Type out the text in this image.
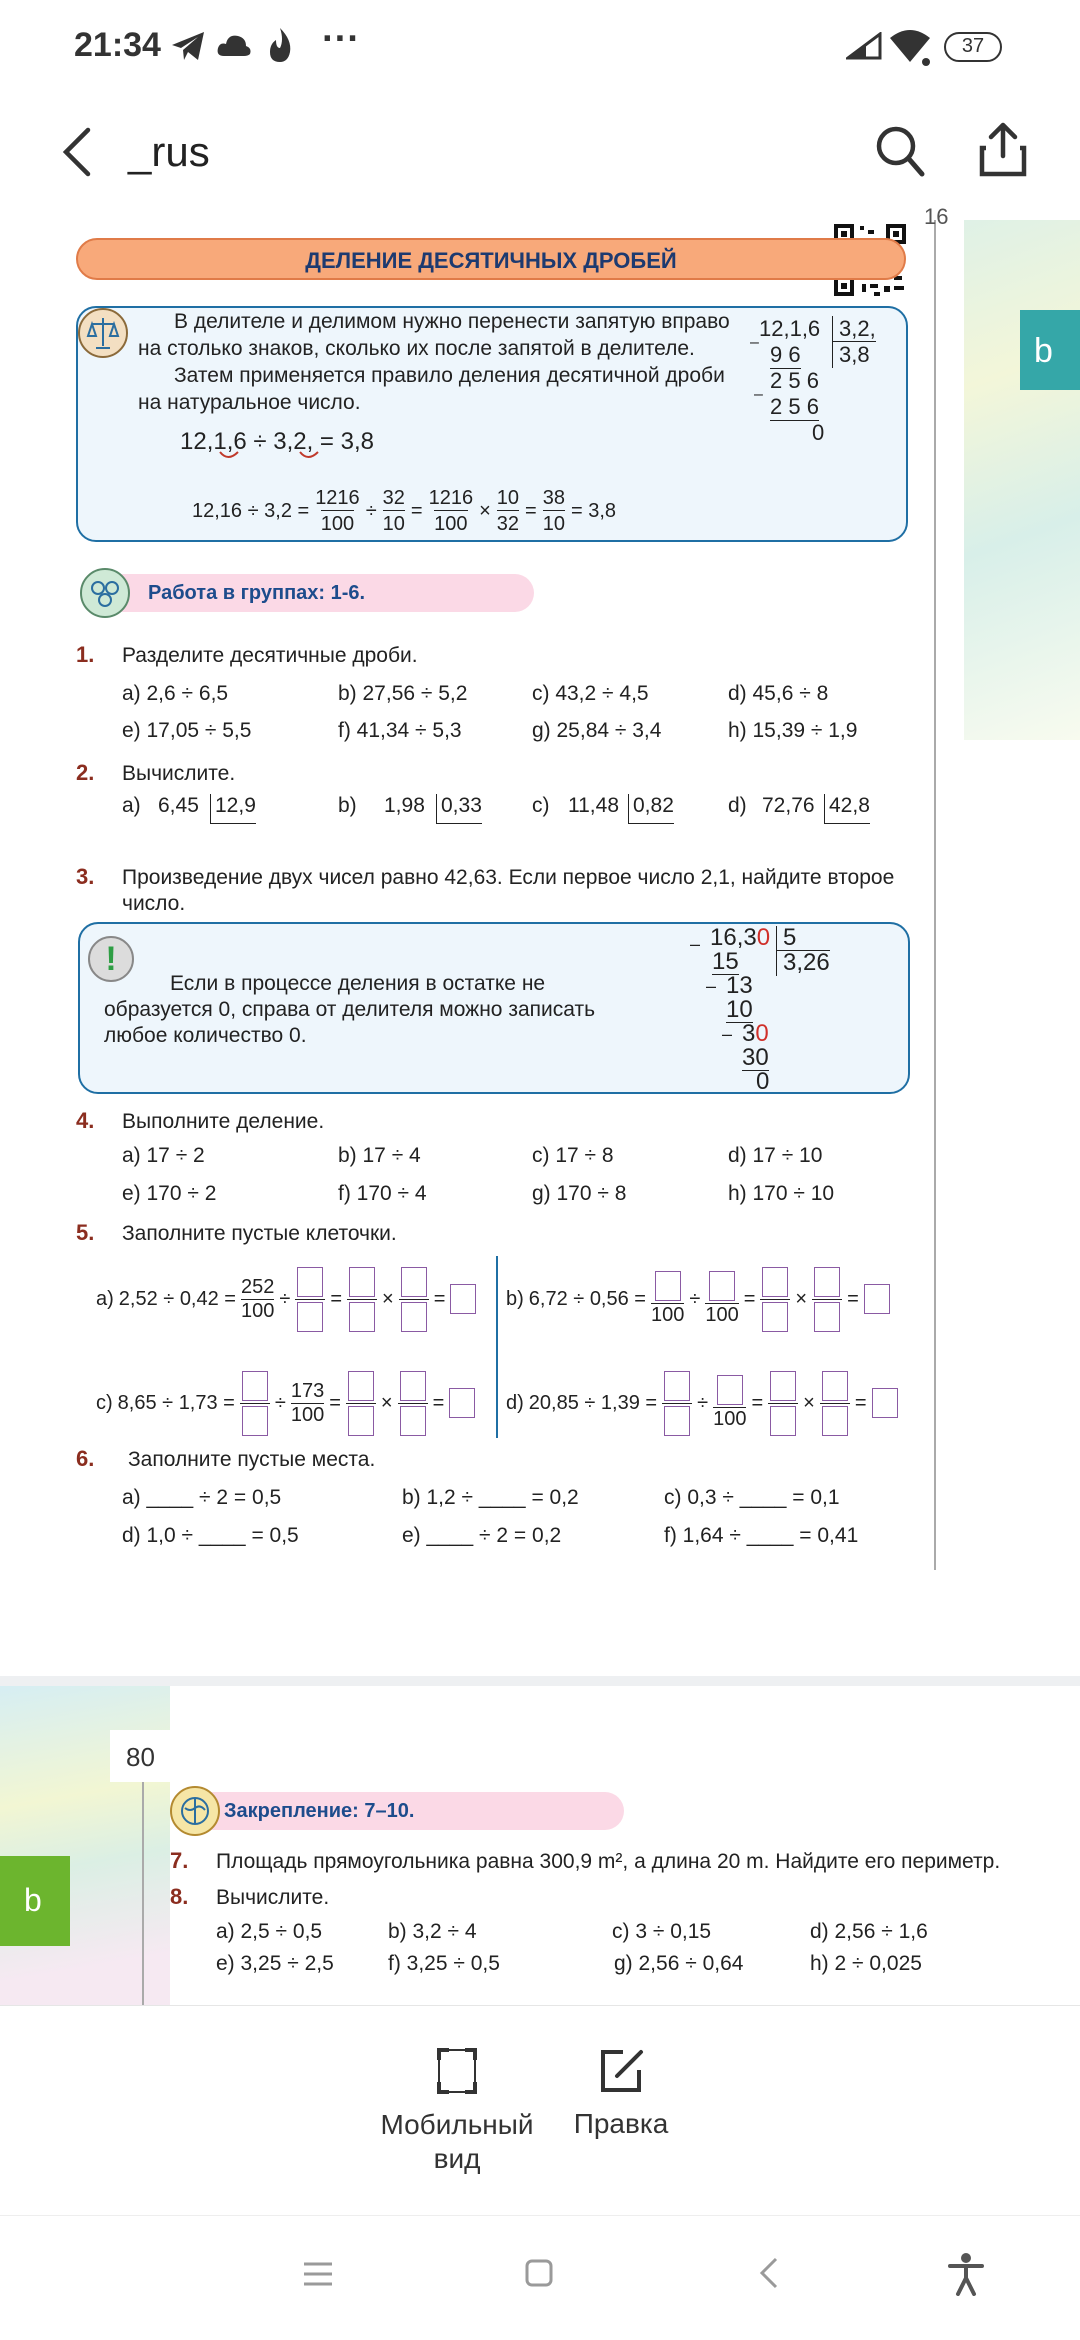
21:34	···	37
_rus
b
16
ДЕЛЕНИЕ ДЕСЯТИЧНЫХ ДРОБЕЙ
В делителе и делимом нужно перенести запятую вправо
на столько знаков, сколько их после запятой в делителе.
Затем применяется правило деления десятичной дроби
на натуральное число.
12,1,6 ÷ 3,2, = 3,8
$12,16 \div 3,2 = \frac{1216}{100} \div \frac{32}{10} = \frac{1216}{100} \times \frac{10}{32} = \frac{38}{10} = 3,8$
12,1,6 3,2,
3,8
– 9 6
2 5 6
– 2 5 6
0
Работа в группах: 1-6.
1. Разделите десятичные дроби.
a) 2,6 ÷ 6,5	b) 27,56 ÷ 5,2	c) 43,2 ÷ 4,5	d) 45,6 ÷ 8
e) 17,05 ÷ 5,5	f) 41,34 ÷ 5,3	g) 25,84 ÷ 3,4	h) 15,39 ÷ 1,9
2. Вычислите.
a) 6,45 12,9	b) 1,98 0,33 c) 11,48 0,82	d) 72,76 42,8
3. Произведение двух чисел равно 42,63. Если первое число 2,1, найдите второе
число.
!
Если в процессе деления в остатке не
образуется 0, справа от делителя можно записать
любое количество 0.
– 16,30 5
15 3,26
– 13
10
– 30
30
0
4. Выполните деление.
a) 17 ÷ 2	b) 17 ÷ 4	c) 17 ÷ 8	d) 17 ÷ 10
e) 170 ÷ 2	f) 170 ÷ 4	g) 170 ÷ 8	h) 170 ÷ 10
5. Заполните пустые клеточки.
a) $2,52 \div 0,42 = \frac{252}{100}$ ÷ = × =	b) 6,72 ÷ 0,56 =
100
÷
100
= × =
c) 8,65 ÷ 1,73 = ÷ $\frac{173}{100}$ = × =	d) 20,85 ÷ 1,39 = ÷
100
= × =
6. Заполните пустые места.
a) ____ ÷ 2 = 0,5	b) 1,2 ÷ ____ = 0,2	c) 0,3 ÷ ____ = 0,1
d) 1,0 ÷ ____ = 0,5	e) ____ ÷ 2 = 0,2	f) 1,64 ÷ ____ = 0,41
b
80
Закрепление: 7–10.
7. Площадь прямоугольника равна 300,9 m², а длина 20 m. Найдите его периметр.
8. Вычислите.
a) 2,5 ÷ 0,5	b) 3,2 ÷ 4	c) 3 ÷ 0,15	d) 2,56 ÷ 1,6
e) 3,25 ÷ 2,5	f) 3,25 ÷ 0,5	g) 2,56 ÷ 0,64	h) 2 ÷ 0,025
Мобильный
вид
Правка
